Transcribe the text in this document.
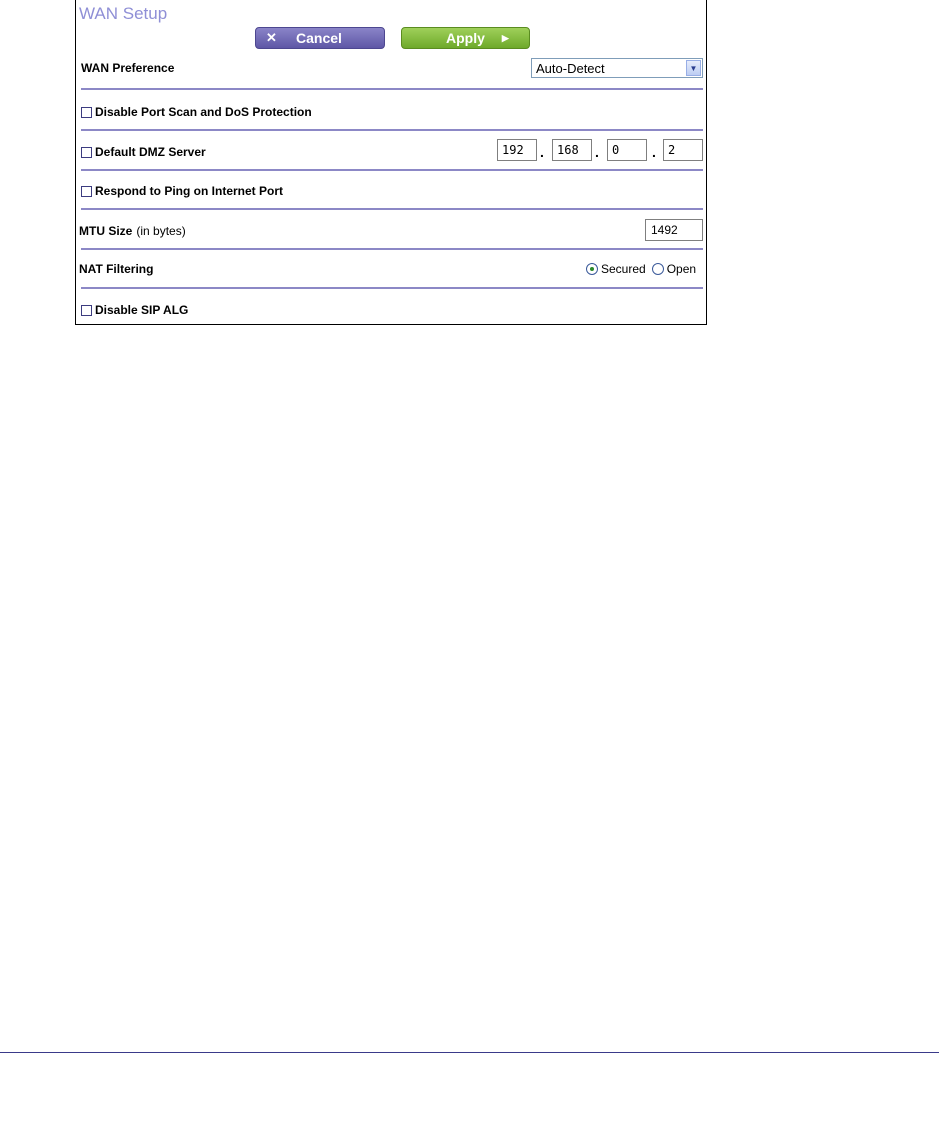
WAN Setup
✕ Cancel	Apply ▶
WAN Preference	Auto-Detect	▼
Disable Port Scan and DoS Protection
Default DMZ Server	192 . 168 . 0 . 2
Respond to Ping on Internet Port
MTU Size (in bytes)	1492
NAT Filtering	Secured Open
Disable SIP ALG
